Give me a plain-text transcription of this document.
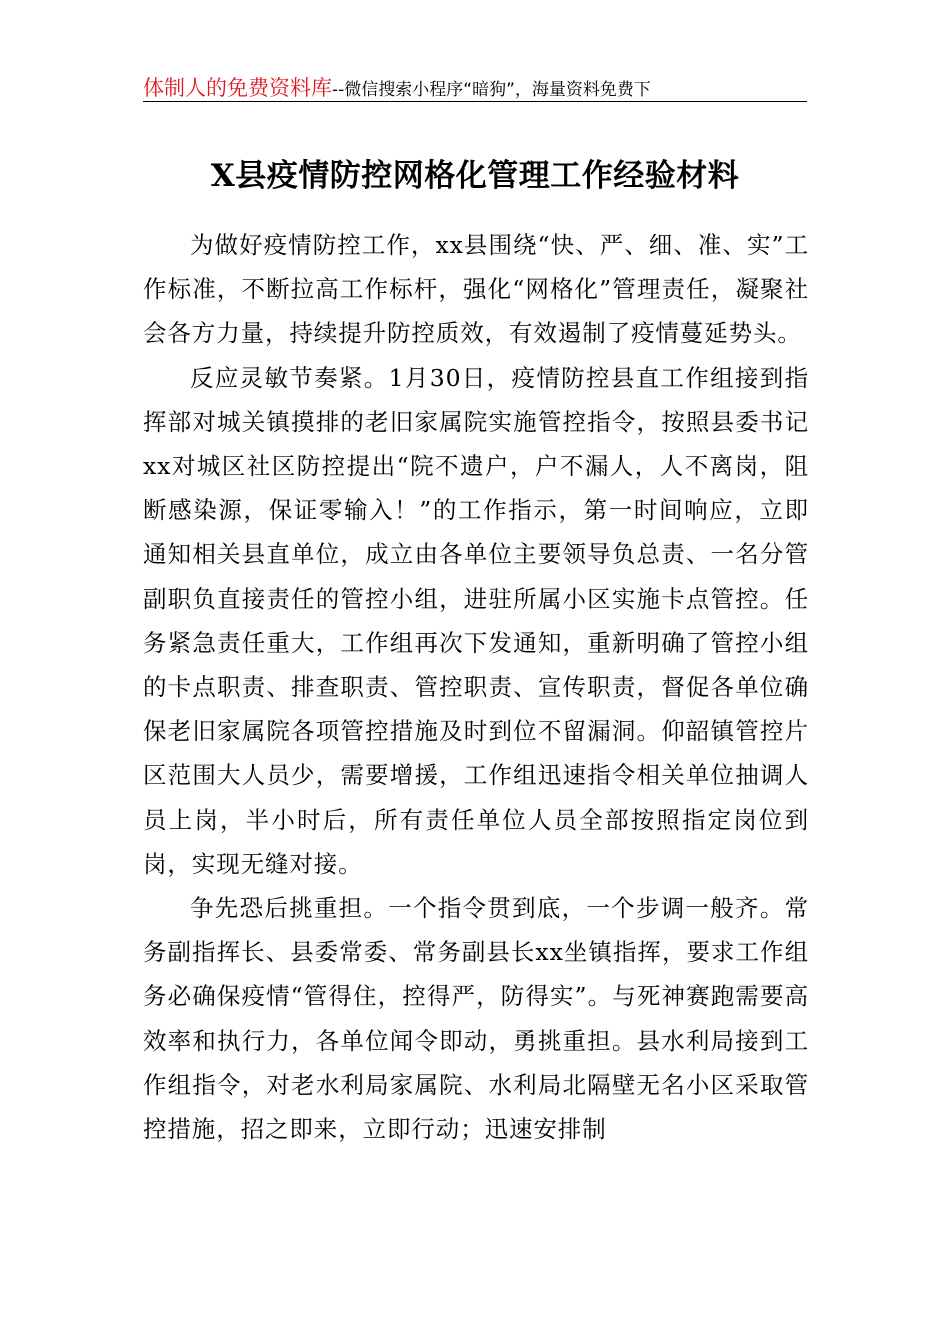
体制人的免费资料库--微信搜索小程序“暗狗”，海量资料免费下
X县疫情防控网格化管理工作经验材料

为做好疫情防控工作，xx县围绕“快、严、细、准、实”工作标准，不断拉高工作标杆，强化“网格化”管理责任，凝聚社会各方力量，持续提升防控质效，有效遏制了疫情蔓延势头。

反应灵敏节奏紧。1月30日，疫情防控县直工作组接到指挥部对城关镇摸排的老旧家属院实施管控指令，按照县委书记xx对城区社区防控提出“院不遗户，户不漏人，人不离岗，阻断感染源，保证零输入！”的工作指示，第一时间响应，立即通知相关县直单位，成立由各单位主要领导负总责、一名分管副职负直接责任的管控小组，进驻所属小区实施卡点管控。任务紧急责任重大，工作组再次下发通知，重新明确了管控小组的卡点职责、排查职责、管控职责、宣传职责，督促各单位确保老旧家属院各项管控措施及时到位不留漏洞。仰韶镇管控片区范围大人员少，需要增援，工作组迅速指令相关单位抽调人员上岗，半小时后，所有责任单位人员全部按照指定岗位到岗，实现无缝对接。

争先恐后挑重担。一个指令贯到底，一个步调一般齐。常务副指挥长、县委常委、常务副县长xx坐镇指挥，要求工作组务必确保疫情“管得住，控得严，防得实”。与死神赛跑需要高效率和执行力，各单位闻令即动，勇挑重担。县水利局接到工作组指令，对老水利局家属院、水利局北隔壁无名小区采取管控措施，招之即来，立即行动；迅速安排制
